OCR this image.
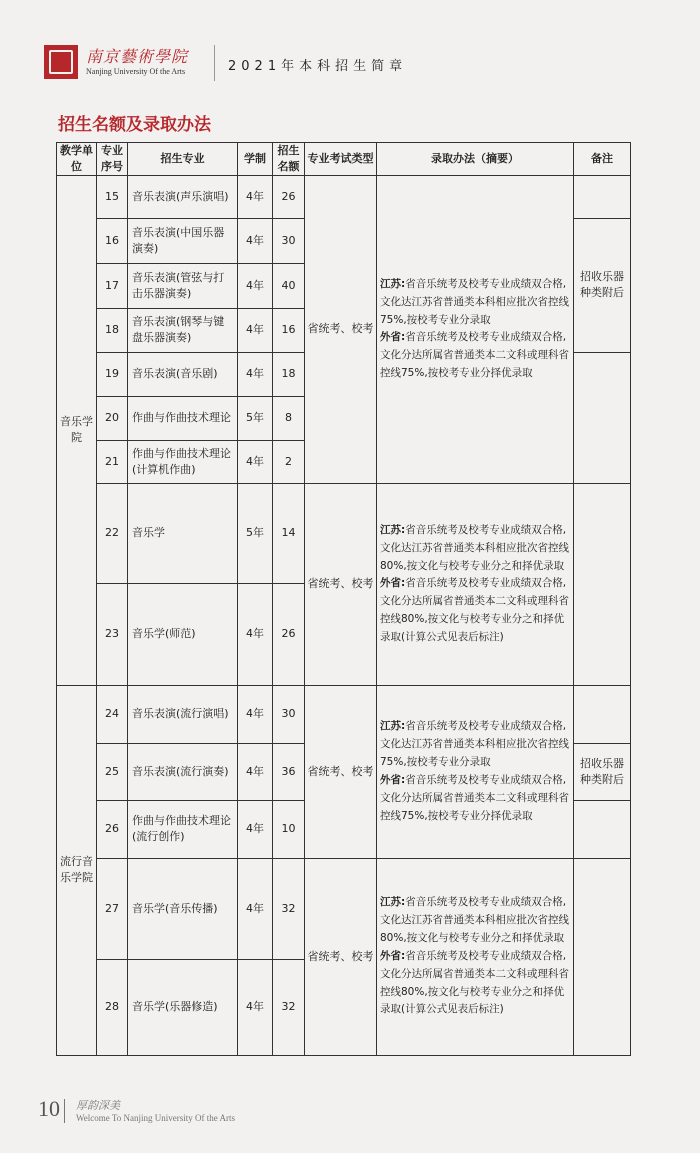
南京藝術學院
Nanjing University Of the Arts	2021年本科招生简章
招生名额及录取办法
教学单位	专业序号	招生专业	学制	招生名额	专业考试类型	录取办法（摘要）	备注
音乐学院	15	音乐表演(声乐演唱)	4年	26	省统考、校考	江苏:省音乐统考及校考专业成绩双合格,文化达江苏省普通类本科相应批次省控线75%,按校考专业分录取
外省:省音乐统考及校考专业成绩双合格,文化分达所属省普通类本二文科或理科省控线75%,按校考专业分择优录取	
	16	音乐表演(中国乐器演奏)	4年	30			招收乐器种类附后
	17	音乐表演(管弦与打击乐器演奏)	4年	40			
	18	音乐表演(钢琴与键盘乐器演奏)	4年	16			
	19	音乐表演(音乐剧)	4年	18			
	20	作曲与作曲技术理论	5年	8			
	21	作曲与作曲技术理论(计算机作曲)	4年	2			
	22	音乐学	5年	14	省统考、校考	江苏:省音乐统考及校考专业成绩双合格,文化达江苏省普通类本科相应批次省控线80%,按文化与校考专业分之和择优录取
外省:省音乐统考及校考专业成绩双合格,文化分达所属省普通类本二文科或理科省控线80%,按文化与校考专业分之和择优录取(计算公式见表后标注)	
	23	音乐学(师范)	4年	26			
流行音乐学院	24	音乐表演(流行演唱)	4年	30	省统考、校考	江苏:省音乐统考及校考专业成绩双合格,文化达江苏省普通类本科相应批次省控线75%,按校考专业分录取
外省:省音乐统考及校考专业成绩双合格,文化分达所属省普通类本二文科或理科省控线75%,按校考专业分择优录取	
	25	音乐表演(流行演奏)	4年	36			招收乐器种类附后
	26	作曲与作曲技术理论(流行创作)	4年	10			
	27	音乐学(音乐传播)	4年	32	省统考、校考	江苏:省音乐统考及校考专业成绩双合格,文化达江苏省普通类本科相应批次省控线80%,按文化与校考专业分之和择优录取
外省:省音乐统考及校考专业成绩双合格,文化分达所属省普通类本二文科或理科省控线80%,按文化与校考专业分之和择优录取(计算公式见表后标注)	
	28	音乐学(乐器修造)	4年	32			
10 厚韵深美
Welcome To Nanjing University Of the Arts
